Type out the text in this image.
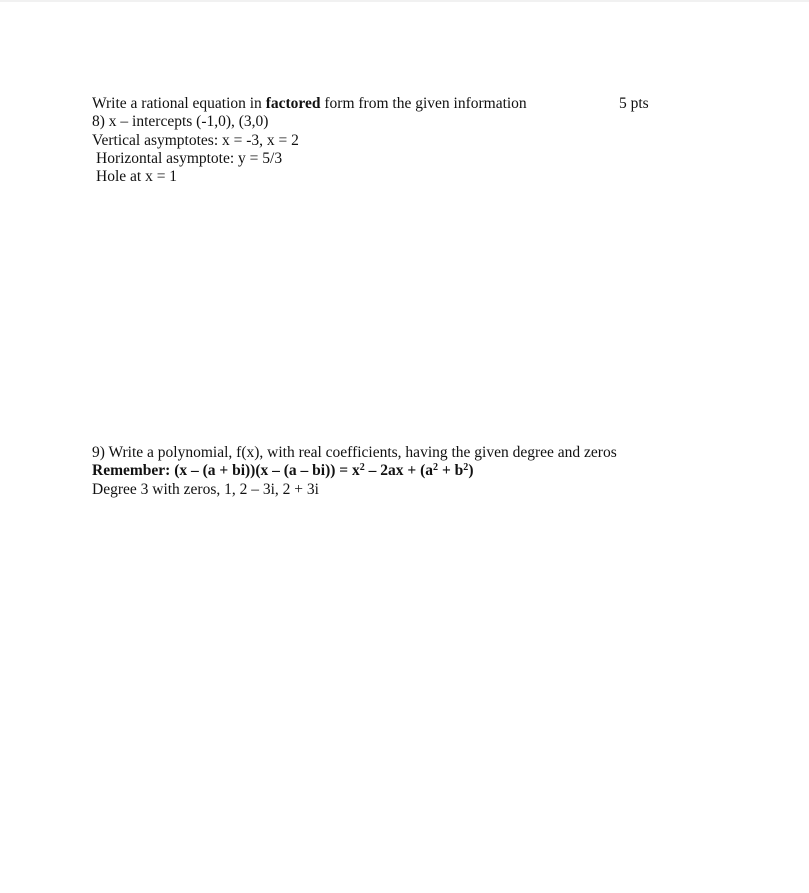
Write a rational equation in factored form from the given information	5 pts
8) x – intercepts (-1,0), (3,0)
Vertical asymptotes: x = -3, x = 2
Horizontal asymptote: y = 5/3
Hole at x = 1
9) Write a polynomial, f(x), with real coefficients, having the given degree and zeros
Remember: $(x - (a + bi))(x - (a - bi)) = x^2 - 2ax + (a^2 + b^2)$
Degree 3 with zeros, 1, 2 – 3i, 2 + 3i
